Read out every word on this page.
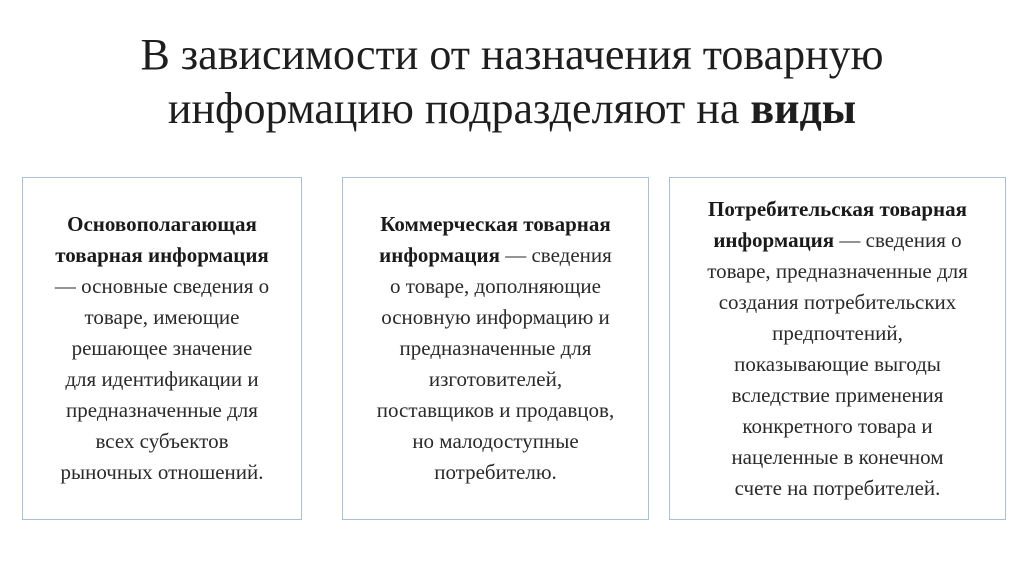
В зависимости от назначения товарную
информацию подразделяют на виды
Основополагающая
товарная информация
— основные сведения о
товаре, имеющие
решающее значение
для идентификации и
предназначенные для
всех субъектов
рыночных отношений.
Коммерческая товарная
информация — сведения
о товаре, дополняющие
основную информацию и
предназначенные для
изготовителей,
поставщиков и продавцов,
но малодоступные
потребителю.
Потребительская товарная
информация — сведения о
товаре, предназначенные для
создания потребительских
предпочтений,
показывающие выгоды
вследствие применения
конкретного товара и
нацеленные в конечном
счете на потребителей.
